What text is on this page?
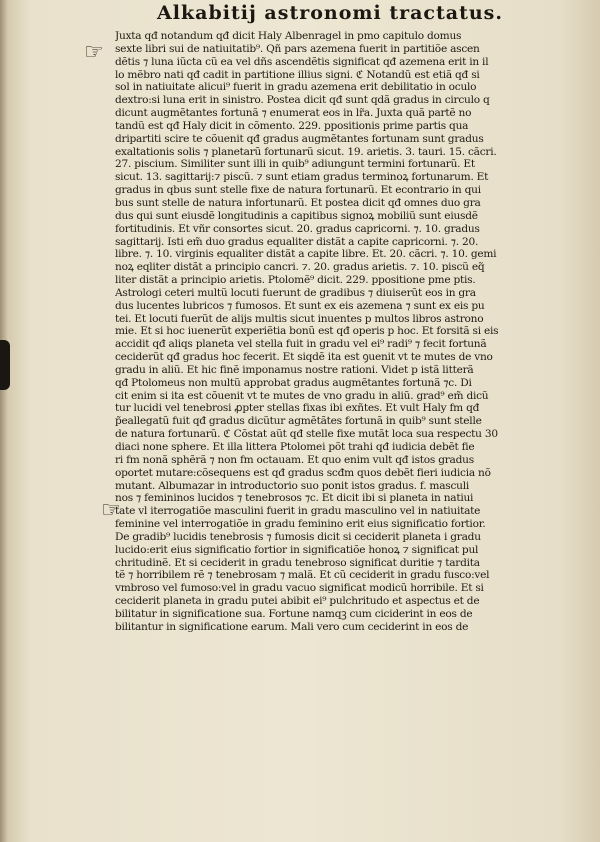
Alkabitij astronomi tractatus.
☞
☞
Juxta qđ notandum qđ dicit Haly Albenragel in pmo capitulo domus
sexte libri sui de natiuitatib⁹. Qñ pars azemena fuerit in partitiõe ascen
dẽtis ⁊ luna iũcta cũ ea vel dñs ascendẽtis significat qđ azemena erit in il
lo mẽbro nati qđ cadit in partitione illius signi. ℭ Notandũ est etiã qđ si
sol in natiuitate alicui⁹ fuerit in gradu azemena erit debilitatio in oculo
dextro:si luna erit in sinistro. Postea dicit qđ sunt qdã gradus in circulo q
dicunt augmẽtantes fortunã ⁊ enumerat eos in lr̃a. Juxta quã partẽ no
tandũ est qđ Haly dicit in cõmento. 229. ppositionis prime partis qua
dripartiti scire te cõuenit qđ gradus augmẽtantes fortunam sunt gradus
exaltationis solis ⁊ planetarũ fortunarũ sicut. 19. arietis. 3. tauri. 15. cãcri.
27. piscium. Similiter sunt illi in quib⁹ adiungunt termini fortunarũ. Et
sicut. 13. sagittarij:⁊ piscũ. ⁊ sunt etiam gradus terminoꝝ fortunarum. Et
gradus in qbus sunt stelle fixe de natura fortunarũ. Et econtrario in qui
bus sunt stelle de natura infortunarũ. Et postea dicit qđ omnes duo gra
dus qui sunt eiusdẽ longitudinis a capitibus signoꝝ mobiliũ sunt eiusdẽ
fortitudinis. Et vñr consortes sicut. 20. gradus capricorni. ⁊. 10. gradus
sagittarij. Isti em̃ duo gradus equaliter distãt a capite capricorni. ⁊. 20.
libre. ⁊. 10. virginis equaliter distãt a capite libre. Et. 20. cãcri. ⁊. 10. gemi
noꝝ eqliter distãt a principio cancri. ⁊. 20. gradus arietis. ⁊. 10. piscũ eq̃
liter distãt a principio arietis. Ptolomẽ⁹ dicit. 229. ppositione pme ptis.
Astrologi ceteri multũ locuti fuerunt de gradibus ⁊ diuiserũt eos in gra
dus lucentes lubricos ⁊ fumosos. Et sunt ex eis azemena ⁊ sunt ex eis pu
tei. Et locuti fuerũt de alijs multis sicut inuentes p multos libros astrono
mie. Et si hoc iuenerũt experiẽtia bonũ est qđ operis p hoc. Et forsitã si eis
accidit qđ aliqs planeta vel stella fuit in gradu vel ei⁹ radi⁹ ⁊ fecit fortunã
ceciderũt qđ gradus hoc fecerit. Et siqdẽ ita est ꝯuenit vt te mutes de vno
gradu in aliũ. Et hic finẽ imponamus nostre rationi. Videt p istã litterã
qđ Ptolomeus non multũ approbat gradus augmẽtantes fortunã ⁊c. Di
cit enim si ita est cõuenit vt te mutes de vno gradu in aliũ. grad⁹ em̃ dicũ
tur lucidi vel tenebrosi ꝓpter stellas fixas ibi exñtes. Et vult Haly fm qđ
p̃eallegatũ fuit qđ gradus dicũtur agmẽtãtes fortunã in quib⁹ sunt stelle
de natura fortunarũ. ℭ Cõstat aũt qđ stelle fixe mutãt loca sua respectu 30
diaci none sphere. Et illa littera Ptolomei põt trahi qđ iudicia debẽt fie
ri fm nonã sphẽrã ⁊ non fm octauam. Et quo enim vult qđ istos gradus
oportet mutare:cõsequens est qđ gradus scđm quos debẽt fieri iudicia nõ
mutant. Albumazar in introductorio suo ponit istos gradus. f. masculi
nos ⁊ femininos lucidos ⁊ tenebrosos ⁊c. Et dicit ibi si planeta in natiui
tate vl̃ iterrogatiõe masculini fuerit in gradu masculino vel in natiuitate
feminine vel interrogatiõe in gradu feminino erit eius significatio fortior.
De gradib⁹ lucidis tenebrosis ⁊ fumosis dicit si ceciderit planeta i gradu
lucido:erit eius significatio fortior in significatiõe honoꝝ ⁊ significat pul
chritudinẽ. Et si ceciderit in gradu tenebroso significat duritie ⁊ tardita
tẽ ⁊ horribilem rẽ ⁊ tenebrosam ⁊ malã. Et cũ ceciderit in gradu fusco:vel
vmbroso vel fumoso:vel in gradu vacuo significat modicũ horribile. Et si
ceciderit planeta in gradu putei abibit ei⁹ pulchritudo et aspectus et de
bilitatur in significatione sua. Fortune namqꝫ cum ciciderint in eos de
bilitantur in significatione earum. Mali vero cum ceciderint in eos de
